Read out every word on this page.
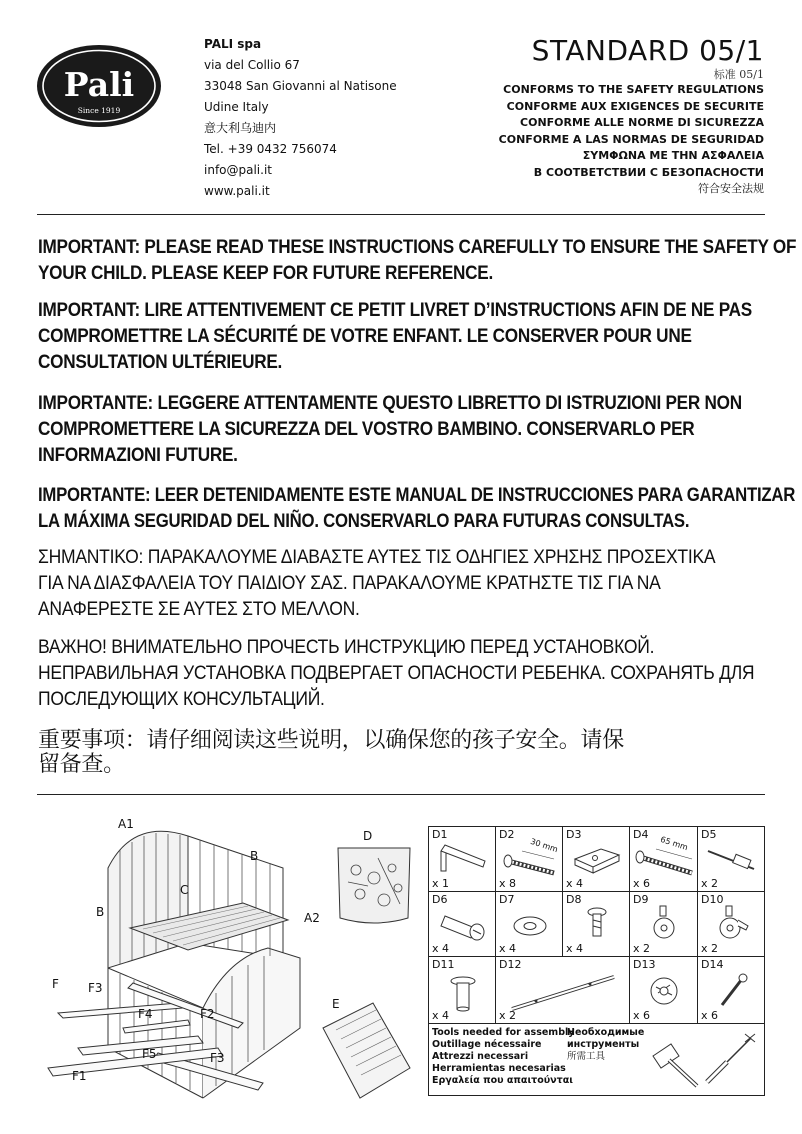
Pali
Since 1919
PALI spa
via del Collio 67
33048 San Giovanni al Natisone
Udine Italy
意大利乌迪内
Tel. +39 0432 756074
info@pali.it
www.pali.it
STANDARD 05/1
标准 05/1
CONFORMS TO THE SAFETY REGULATIONS
CONFORME AUX EXIGENCES DE SECURITE
CONFORME ALLE NORME DI SICUREZZA
CONFORME A LAS NORMAS DE SEGURIDAD
ΣΥΜΦΩΝΑ ΜΕ ΤΗΝ ΑΣΦΑΛΕΙΑ
В СООТВЕТСТВИИ С БЕЗОПАСНОСТИ
符合安全法规
IMPORTANT: PLEASE READ THESE INSTRUCTIONS CAREFULLY TO ENSURE THE SAFETY OF
YOUR CHILD. PLEASE KEEP FOR FUTURE REFERENCE.
IMPORTANT: LIRE ATTENTIVEMENT CE PETIT LIVRET D’INSTRUCTIONS AFIN DE NE PAS
COMPROMETTRE LA SÉCURITÉ DE VOTRE ENFANT. LE CONSERVER POUR UNE
CONSULTATION ULTÉRIEURE.
IMPORTANTE: LEGGERE ATTENTAMENTE QUESTO LIBRETTO DI ISTRUZIONI PER NON
COMPROMETTERE LA SICUREZZA DEL VOSTRO BAMBINO. CONSERVARLO PER
INFORMAZIONI FUTURE.
IMPORTANTE: LEER DETENIDAMENTE ESTE MANUAL DE INSTRUCCIONES PARA GARANTIZAR
LA MÁXIMA SEGURIDAD DEL NIÑO. CONSERVARLO PARA FUTURAS CONSULTAS.
ΣΗΜΑΝΤΙΚΟ: ΠΑΡΑΚΑΛΟΥΜΕ ΔΙΑΒΑΣΤΕ ΑΥΤΕΣ ΤΙΣ ΟΔΗΓΙΕΣ ΧΡΗΣΗΣ ΠΡΟΣΕΧΤΙΚΑ
ΓΙΑ ΝΑ ΔΙΑΣΦΑΛΕΙΑ ΤΟΥ ΠΑΙΔΙΟΥ ΣΑΣ. ΠΑΡΑΚΑΛΟΥΜΕ ΚΡΑΤΗΣΤΕ ΤΙΣ ΓΙΑ ΝΑ
ΑΝΑΦΕΡΕΣΤΕ ΣΕ ΑΥΤΕΣ ΣΤΟ ΜΕΛΛΟΝ.
ВАЖНО! ВНИМАТЕЛЬНО ПРОЧЕСТЬ ИНСТРУКЦИЮ ПЕРЕД УСТАНОВКОЙ.
НЕПРАВИЛЬНАЯ УСТАНОВКА ПОДВЕРГАЕТ ОПАСНОСТИ РЕБЕНКА. СОХРАНЯТЬ ДЛЯ
ПОСЛЕДУЮЩИХ КОНСУЛЬТАЦИЙ.
重要事项：请仔细阅读这些说明，以确保您的孩子安全。请保
留备查。
A1
B
C
B	A2
D
E
F F3
F4	F2
F5	F3
F1
D1
x 1
D2
30 mm
x 8
D3
x 4
D4
65 mm
x 6
D5
x 2
D6
x 4
D7
x 4
D8
x 4
D9
x 2
D10
x 2
D11
x 4
D12
x 2
D13
x 6
D14
x 6
Tools needed for assembly
Outillage nécessaire
Attrezzi necessari
Herramientas necesarias
Εργαλεία που απαιτούνται
Необходимые
инструменты
所需工具
